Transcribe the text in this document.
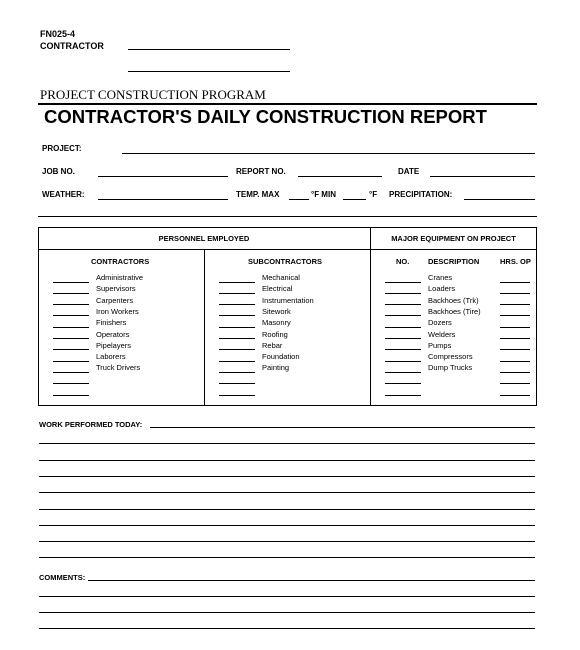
FN025-4
CONTRACTOR
PROJECT CONSTRUCTION PROGRAM
CONTRACTOR'S DAILY CONSTRUCTION REPORT
PROJECT:
JOB NO.	REPORT NO.	DATE
WEATHER:	TEMP. MAX	°F MIN	°F PRECIPITATION:
PERSONNEL EMPLOYED	MAJOR EQUIPMENT ON PROJECT
CONTRACTORS	SUBCONTRACTORS	NO. DESCRIPTION	HRS. OP
Administrative	Mechanical	Cranes
Supervisors	Electrical	Loaders
Carpenters	Instrumentation	Backhoes (Trk)
Iron Workers	Sitework	Backhoes (Tire)
Finishers	Masonry	Dozers
Operators	Roofing	Welders
Pipelayers	Rebar	Pumps
Laborers	Foundation	Compressors
Truck Drivers	Painting	Dump Trucks
WORK PERFORMED TODAY:
COMMENTS:
